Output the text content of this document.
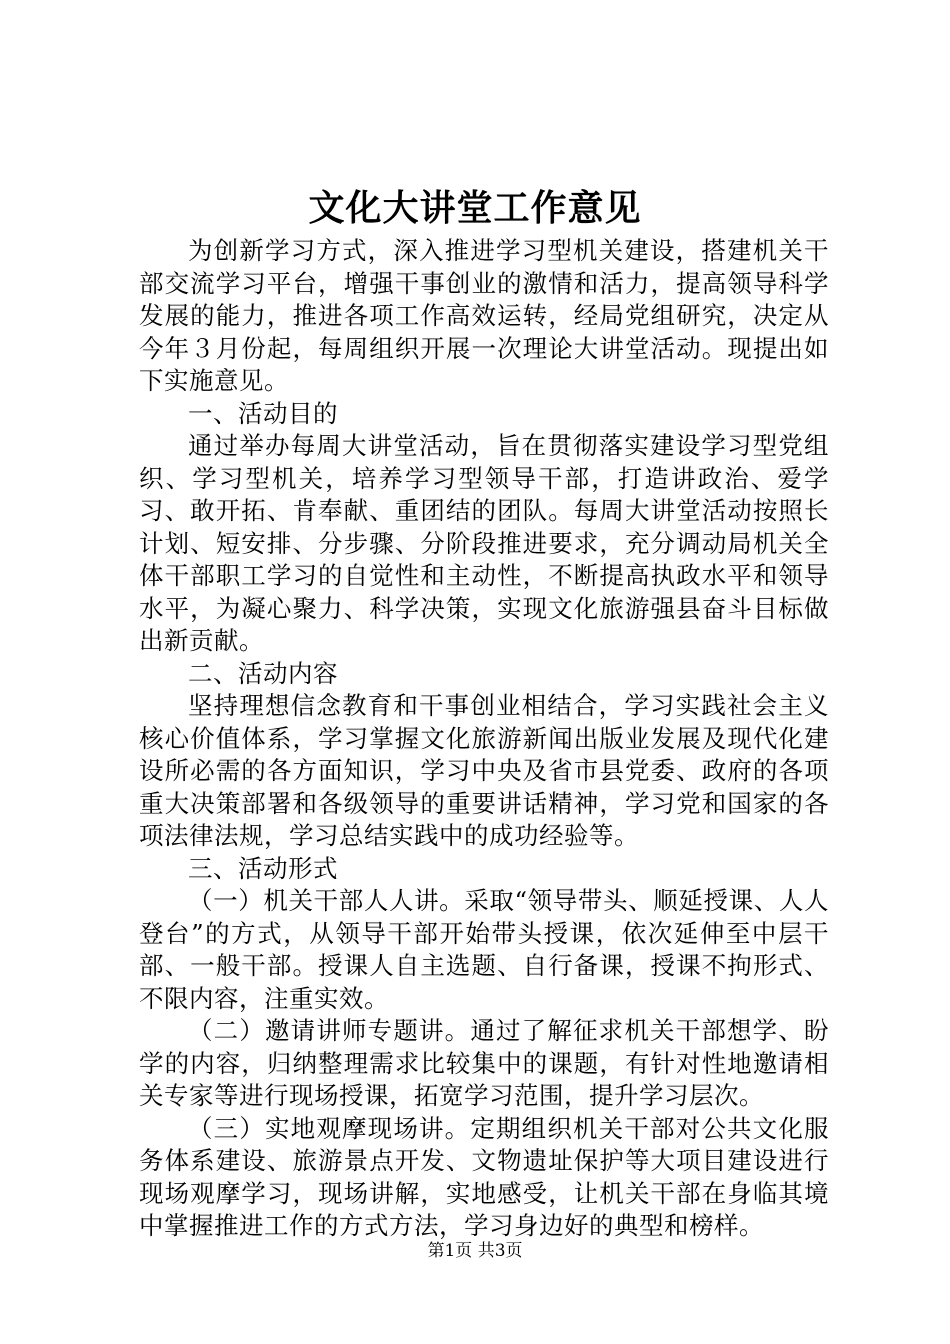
文化大讲堂工作意见

为创新学习方式，深入推进学习型机关建设，搭建机关干部交流学习平台，增强干事创业的激情和活力，提高领导科学发展的能力，推进各项工作高效运转，经局党组研究，决定从今年３月份起，每周组织开展一次理论大讲堂活动。现提出如下实施意见。

一、活动目的

通过举办每周大讲堂活动，旨在贯彻落实建设学习型党组织、学习型机关，培养学习型领导干部，打造讲政治、爱学习、敢开拓、肯奉献、重团结的团队。每周大讲堂活动按照长计划、短安排、分步骤、分阶段推进要求，充分调动局机关全体干部职工学习的自觉性和主动性，不断提高执政水平和领导水平，为凝心聚力、科学决策，实现文化旅游强县奋斗目标做出新贡献。

二、活动内容

坚持理想信念教育和干事创业相结合，学习实践社会主义核心价值体系，学习掌握文化旅游新闻出版业发展及现代化建设所必需的各方面知识，学习中央及省市县党委、政府的各项重大决策部署和各级领导的重要讲话精神，学习党和国家的各项法律法规，学习总结实践中的成功经验等。

三、活动形式

（一）机关干部人人讲。采取“领导带头、顺延授课、人人登台”的方式，从领导干部开始带头授课，依次延伸至中层干部、一般干部。授课人自主选题、自行备课，授课不拘形式、不限内容，注重实效。

（二）邀请讲师专题讲。通过了解征求机关干部想学、盼学的内容，归纳整理需求比较集中的课题，有针对性地邀请相关专家等进行现场授课，拓宽学习范围，提升学习层次。

（三）实地观摩现场讲。定期组织机关干部对公共文化服务体系建设、旅游景点开发、文物遗址保护等大项目建设进行现场观摩学习，现场讲解，实地感受，让机关干部在身临其境中掌握推进工作的方式方法，学习身边好的典型和榜样。

第1页 共3页
